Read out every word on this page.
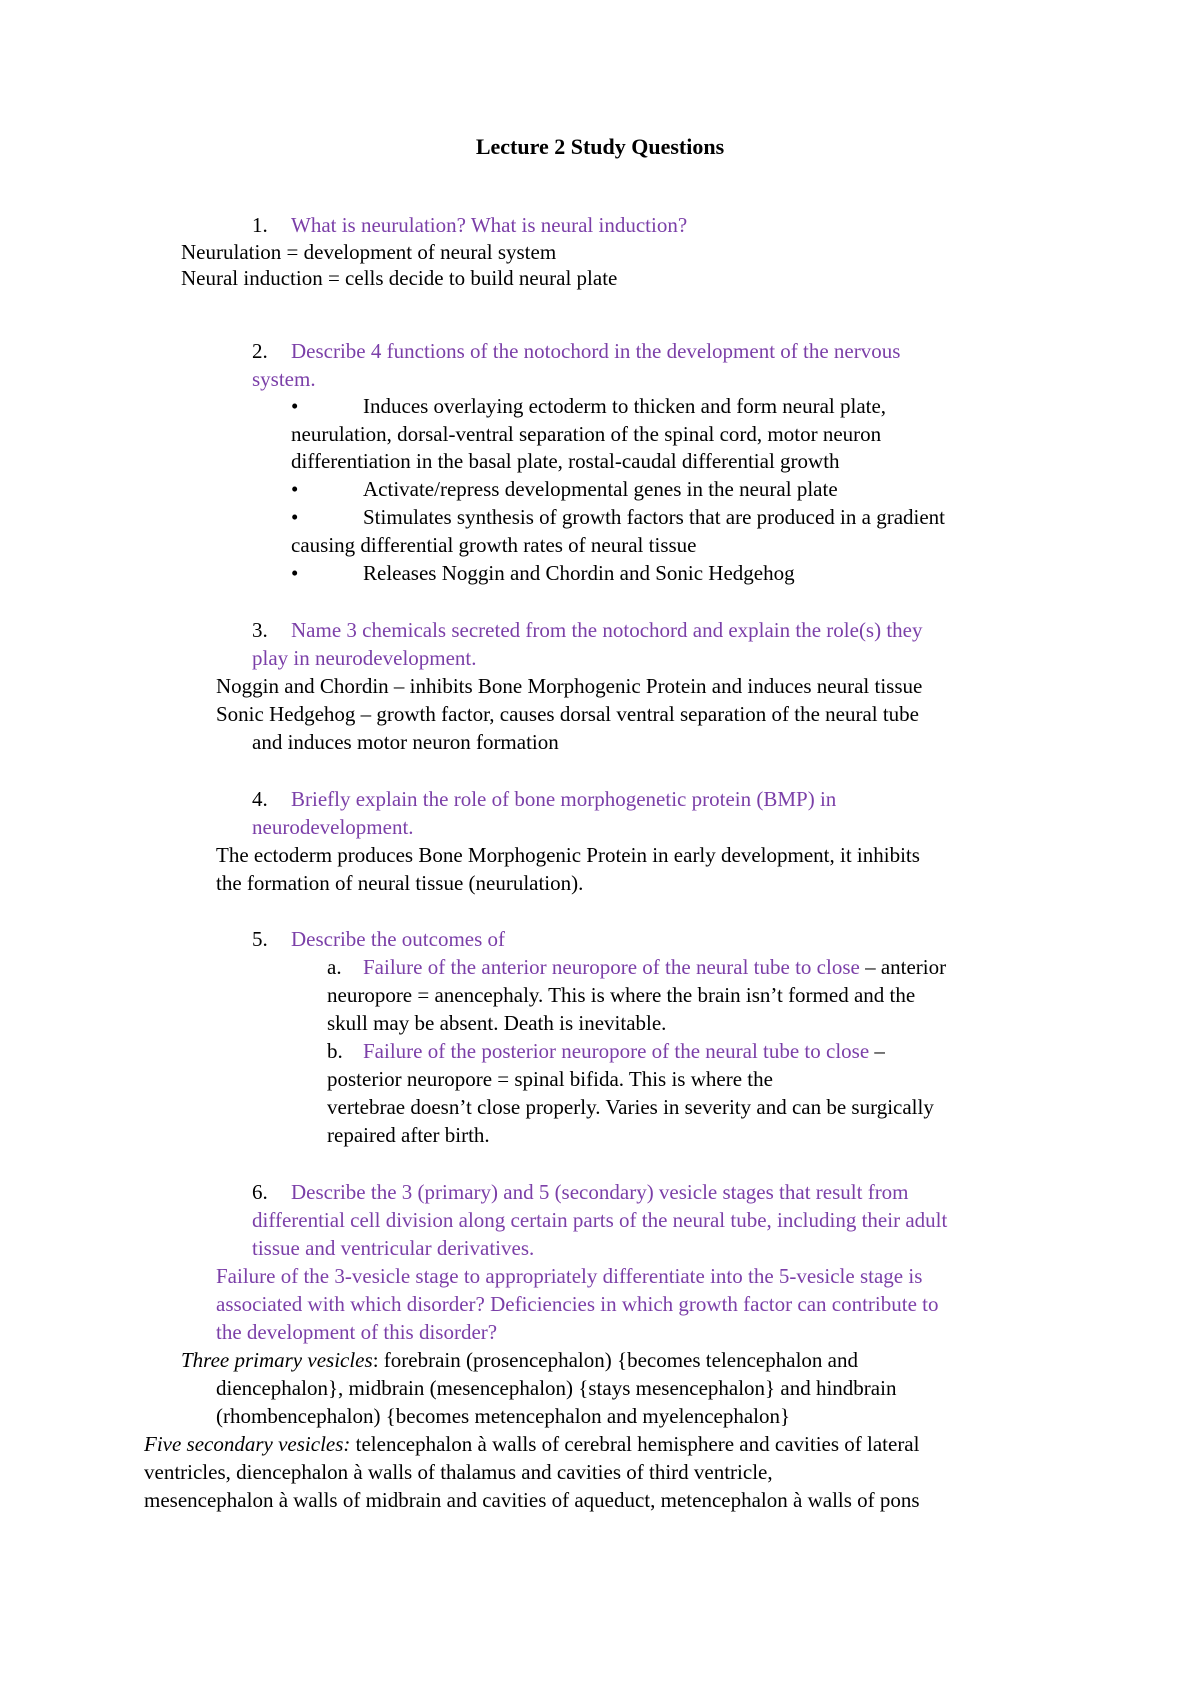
Lecture 2 Study Questions
1. What is neurulation? What is neural induction?
Neurulation = development of neural system
Neural induction = cells decide to build neural plate
2. Describe 4 functions of the notochord in the development of the nervous
system.
•	Induces overlaying ectoderm to thicken and form neural plate,
neurulation, dorsal-ventral separation of the spinal cord, motor neuron
differentiation in the basal plate, rostal-caudal differential growth
•	Activate/repress developmental genes in the neural plate
•	Stimulates synthesis of growth factors that are produced in a gradient
causing differential growth rates of neural tissue
•	Releases Noggin and Chordin and Sonic Hedgehog
3. Name 3 chemicals secreted from the notochord and explain the role(s) they
play in neurodevelopment.
Noggin and Chordin – inhibits Bone Morphogenic Protein and induces neural tissue
Sonic Hedgehog – growth factor, causes dorsal ventral separation of the neural tube
and induces motor neuron formation
4. Briefly explain the role of bone morphogenetic protein (BMP) in
neurodevelopment.
The ectoderm produces Bone Morphogenic Protein in early development, it inhibits
the formation of neural tissue (neurulation).
5. Describe the outcomes of
a. Failure of the anterior neuropore of the neural tube to close – anterior
neuropore = anencephaly. This is where the brain isn’t formed and the
skull may be absent. Death is inevitable.
b. Failure of the posterior neuropore of the neural tube to close –
posterior neuropore = spinal bifida. This is where the
vertebrae doesn’t close properly. Varies in severity and can be surgically
repaired after birth.
6. Describe the 3 (primary) and 5 (secondary) vesicle stages that result from
differential cell division along certain parts of the neural tube, including their adult
tissue and ventricular derivatives.
Failure of the 3-vesicle stage to appropriately differentiate into the 5-vesicle stage is
associated with which disorder? Deficiencies in which growth factor can contribute to
the development of this disorder?
Three primary vesicles: forebrain (prosencephalon) {becomes telencephalon and
diencephalon}, midbrain (mesencephalon) {stays mesencephalon} and hindbrain
(rhombencephalon) {becomes metencephalon and myelencephalon}
Five secondary vesicles: telencephalon à walls of cerebral hemisphere and cavities of lateral
ventricles, diencephalon à walls of thalamus and cavities of third ventricle,
mesencephalon à walls of midbrain and cavities of aqueduct, metencephalon à walls of pons
